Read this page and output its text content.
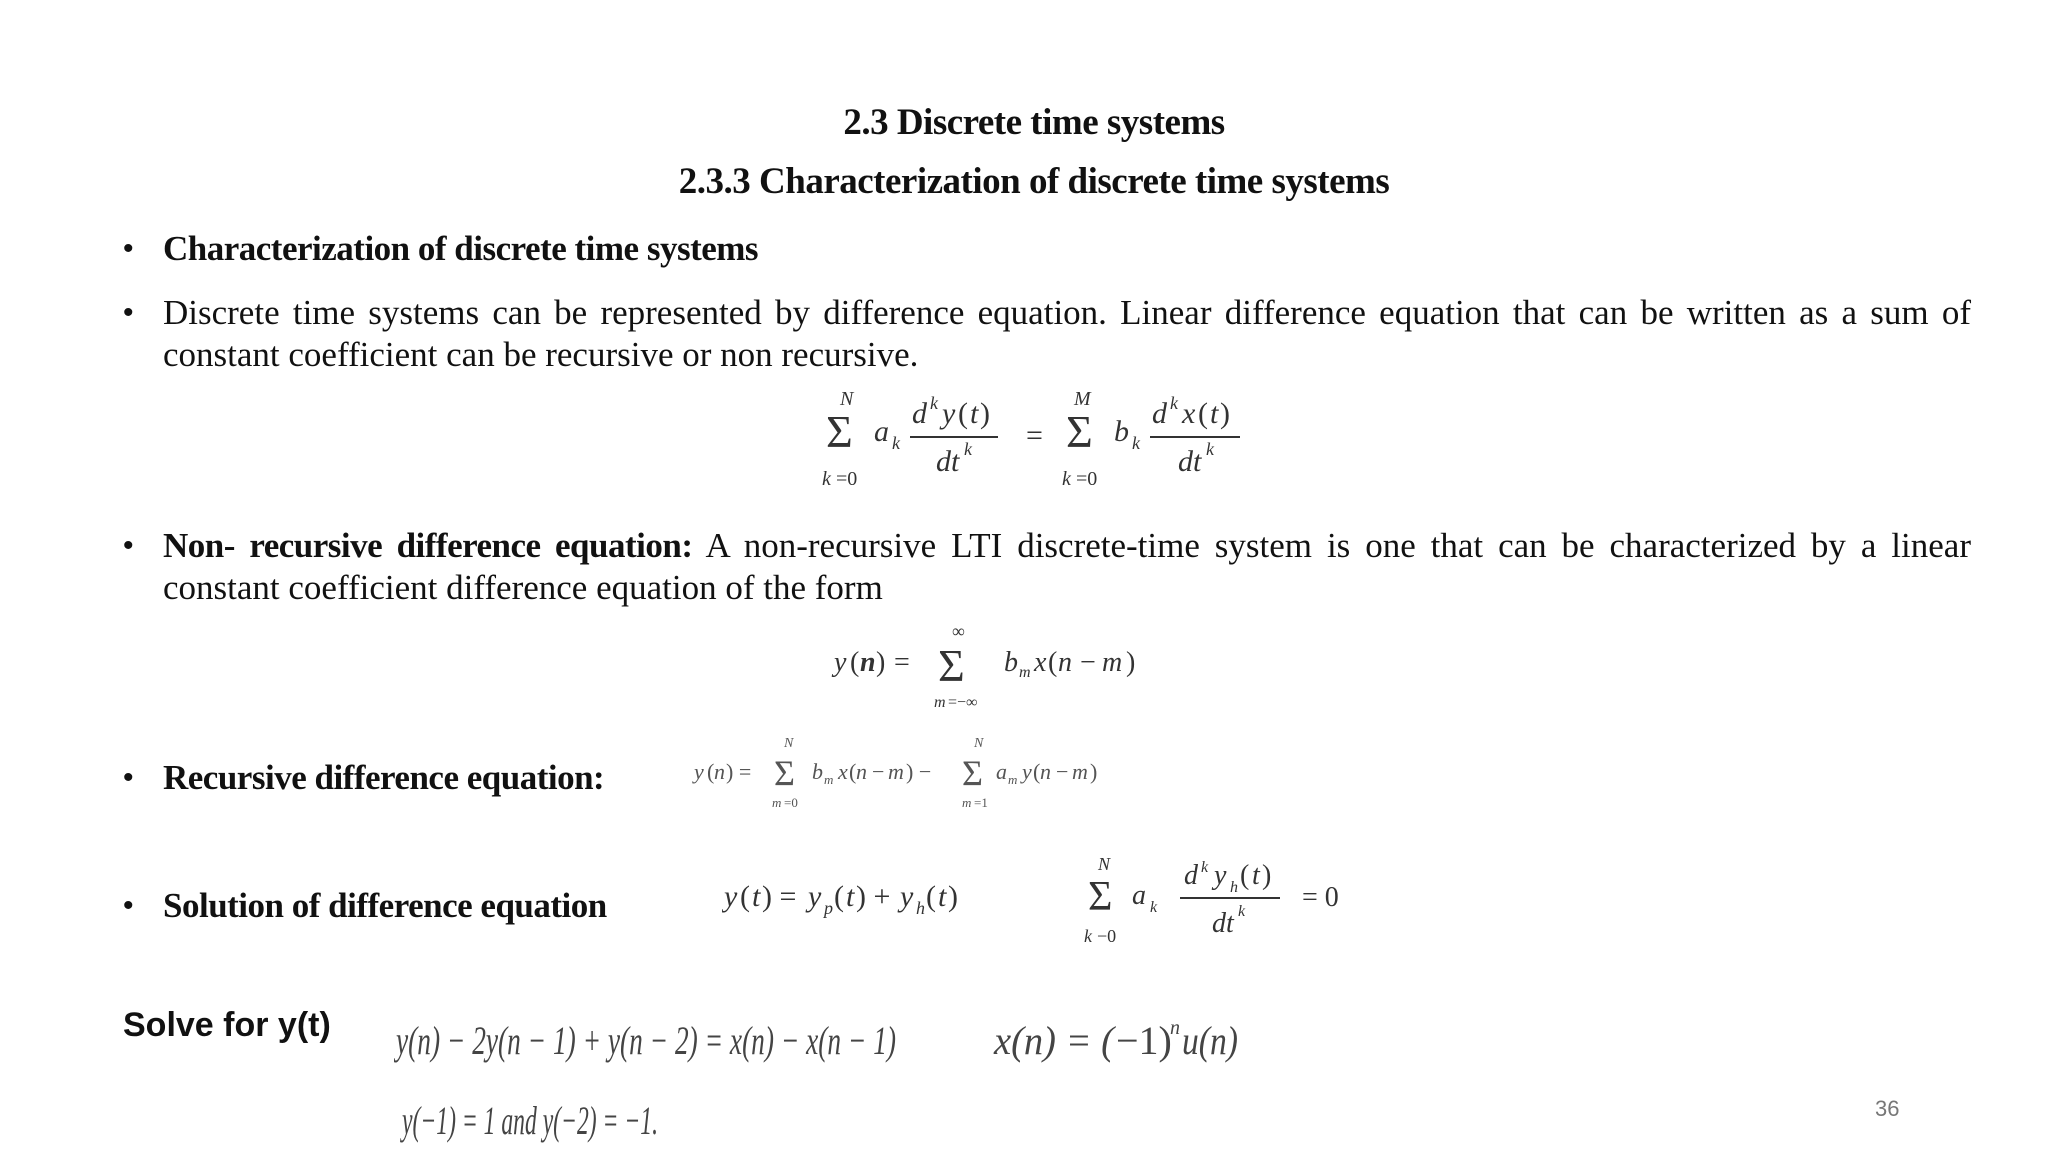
2.3 Discrete time systems
2.3.3 Characterization of discrete time systems
• Characterization of discrete time systems
• Discrete time systems can be represented by difference equation. Linear difference equation that can be written as a sum of constant coefficient can be recursive or non recursive.
N
Σ
k =0
a k
d k y ( t )
dt k =
M
Σ
k =0
b k
d k x ( t )
dt k
• Non- recursive difference equation: A non-recursive LTI discrete-time system is one that can be characterized by a linear constant coefficient difference equation of the form
y ( n ) =
∞
Σ
m =−∞
b m x ( n − m )
• Recursive difference equation:	y ( n ) =
N
Σ
m =0
b m x ( n − m ) −
N
Σ
m =1
a m y ( n − m )
• Solution of difference equation	y ( t ) = y p ( t ) + y h ( t )
N
Σ
k −0
a k
d k y h ( t )
dt k = 0
Solve for y(t) y(n) − 2y(n − 1) + y(n − 2) = x(n) − x(n − 1) x(n) = ( −1)
n u(n)
y(−1) = 1 and y(−2) = −1.	36
